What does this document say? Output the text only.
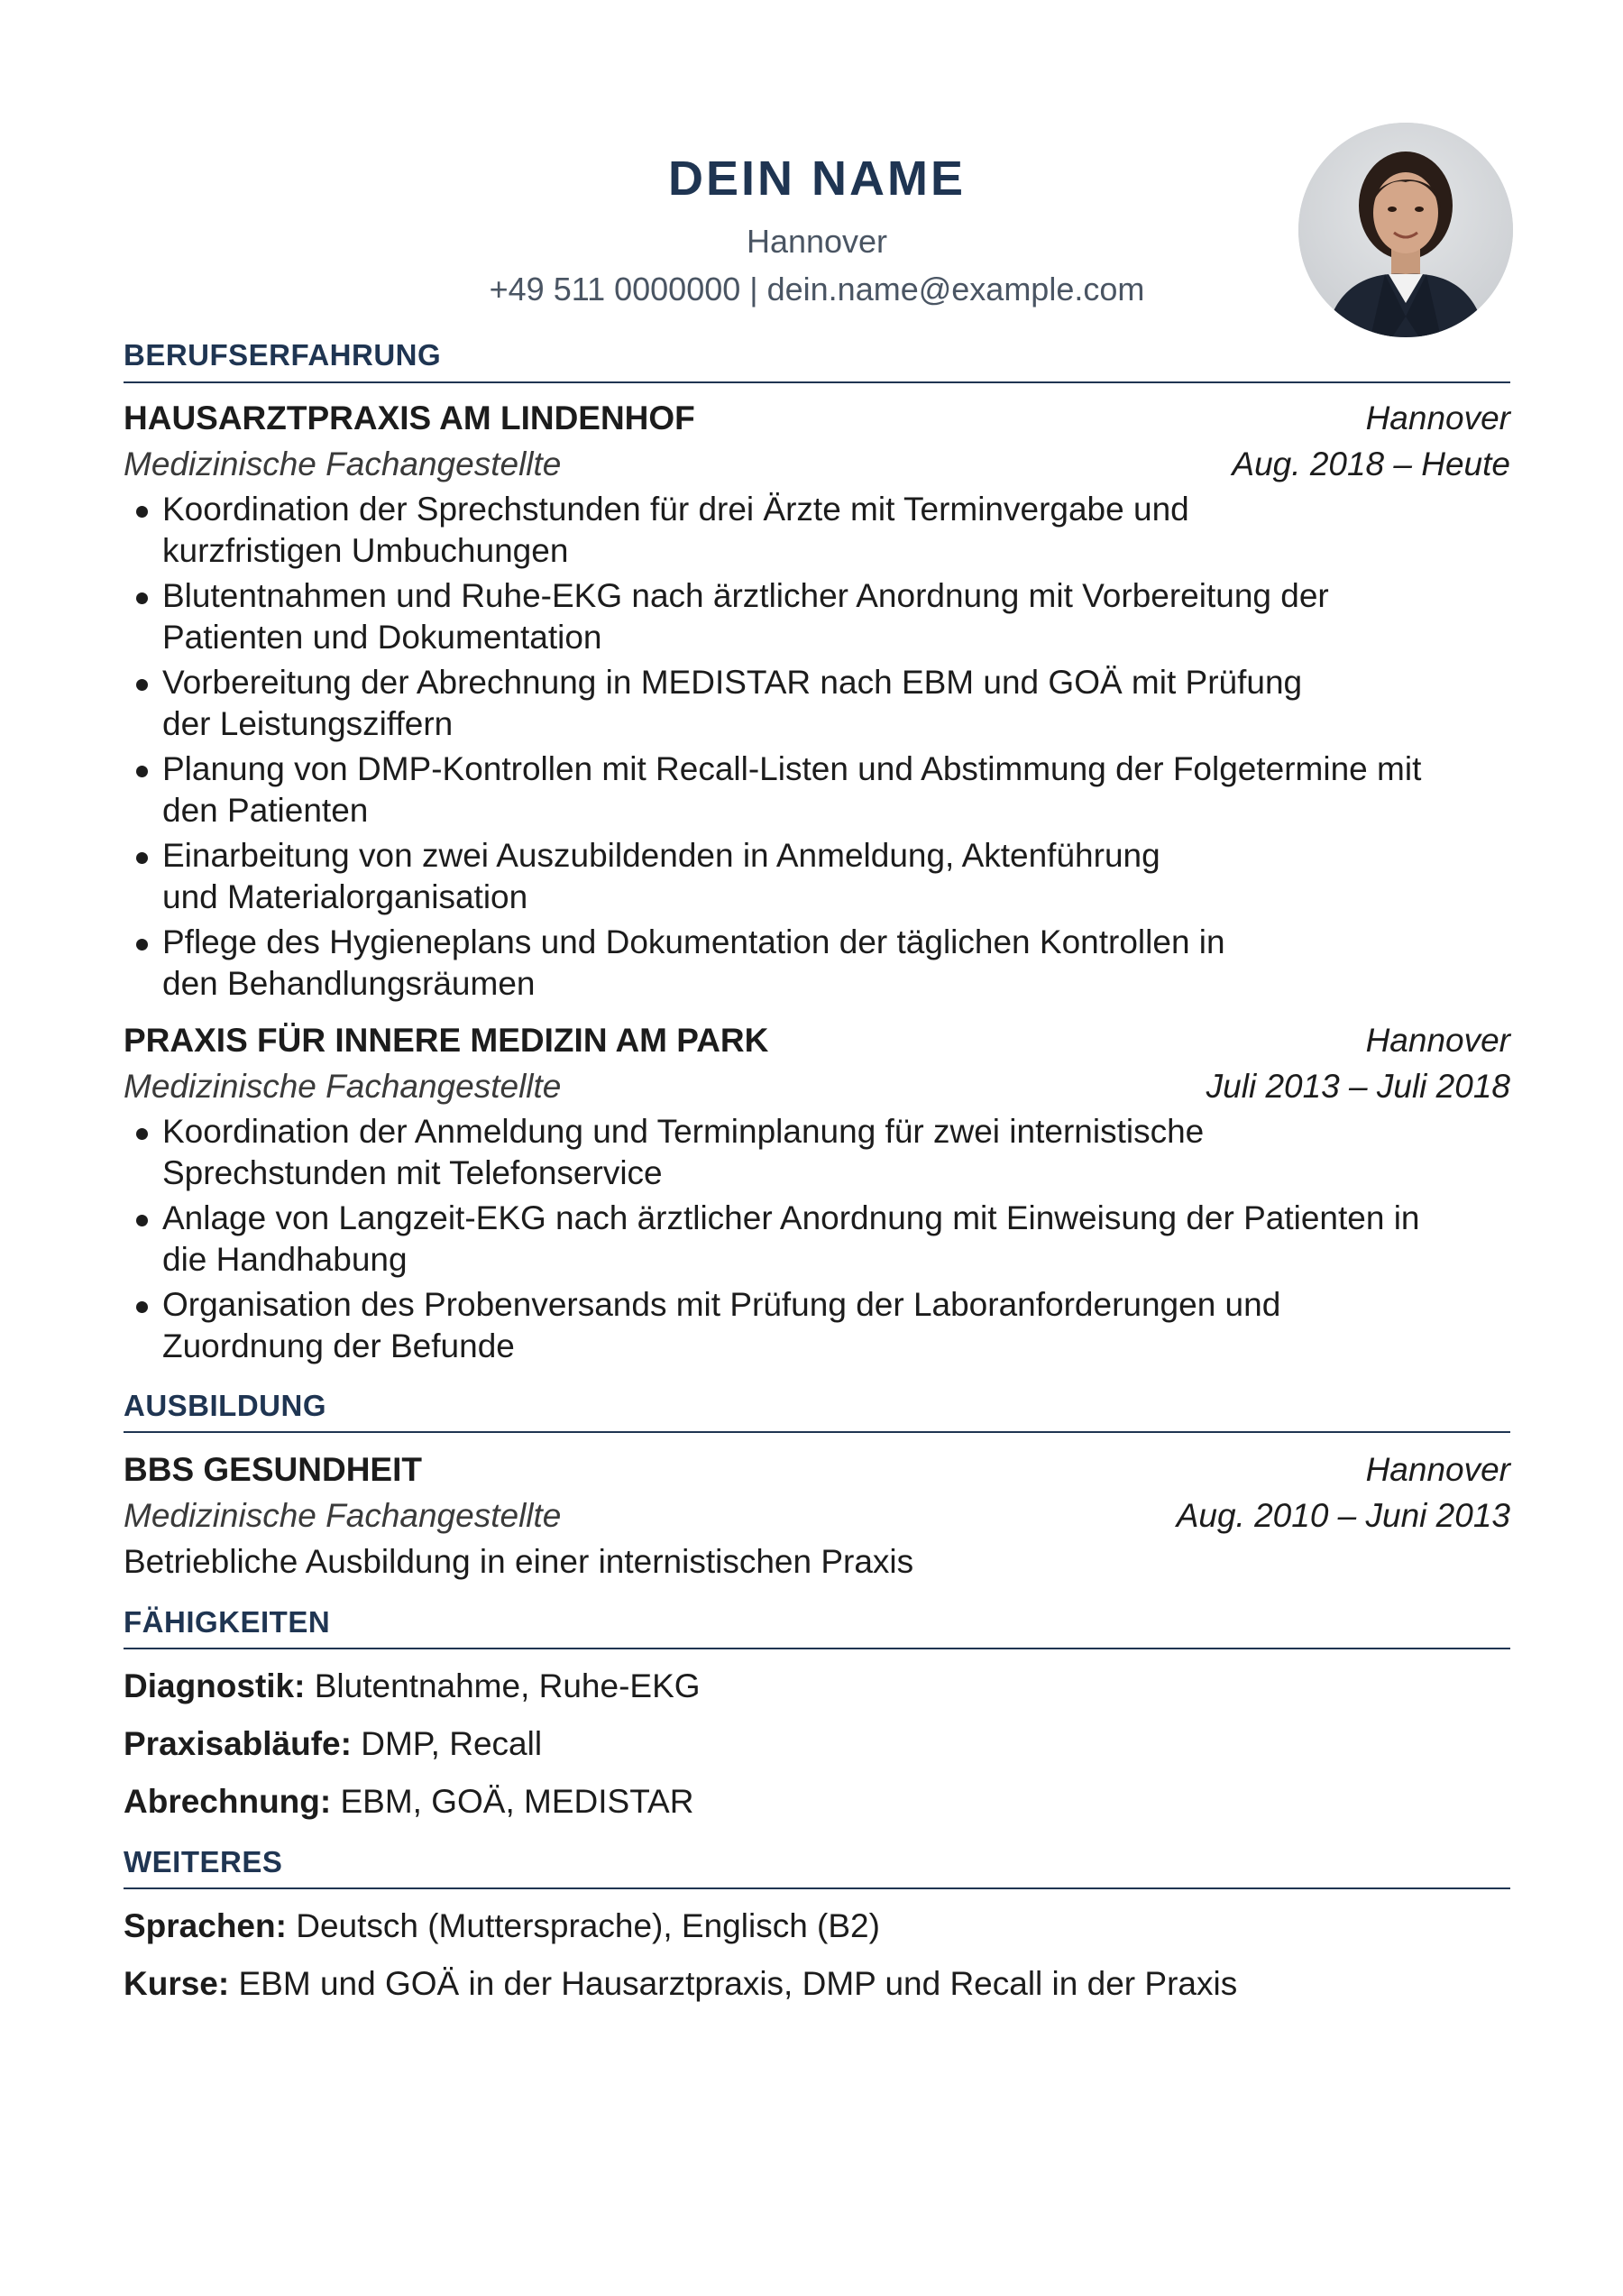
DEIN NAME
Hannover
+49 511 0000000 | dein.name@example.com
BERUFSERFAHRUNG
HAUSARZTPRAXIS AM LINDENHOF	Hannover
Medizinische Fachangestellte	Aug. 2018 – Heute
Koordination der Sprechstunden für drei Ärzte mit Terminvergabe und
kurzfristigen Umbuchungen
Blutentnahmen und Ruhe-EKG nach ärztlicher Anordnung mit Vorbereitung der
Patienten und Dokumentation
Vorbereitung der Abrechnung in MEDISTAR nach EBM und GOÄ mit Prüfung
der Leistungsziffern
Planung von DMP-Kontrollen mit Recall-Listen und Abstimmung der Folgetermine mit
den Patienten
Einarbeitung von zwei Auszubildenden in Anmeldung, Aktenführung
und Materialorganisation
Pflege des Hygieneplans und Dokumentation der täglichen Kontrollen in
den Behandlungsräumen
PRAXIS FÜR INNERE MEDIZIN AM PARK	Hannover
Medizinische Fachangestellte	Juli 2013 – Juli 2018
Koordination der Anmeldung und Terminplanung für zwei internistische
Sprechstunden mit Telefonservice
Anlage von Langzeit-EKG nach ärztlicher Anordnung mit Einweisung der Patienten in
die Handhabung
Organisation des Probenversands mit Prüfung der Laboranforderungen und
Zuordnung der Befunde
AUSBILDUNG
BBS GESUNDHEIT	Hannover
Medizinische Fachangestellte	Aug. 2010 – Juni 2013
Betriebliche Ausbildung in einer internistischen Praxis
FÄHIGKEITEN
Diagnostik: Blutentnahme, Ruhe-EKG
Praxisabläufe: DMP, Recall
Abrechnung: EBM, GOÄ, MEDISTAR
WEITERES
Sprachen: Deutsch (Muttersprache), Englisch (B2)
Kurse: EBM und GOÄ in der Hausarztpraxis, DMP und Recall in der Praxis
